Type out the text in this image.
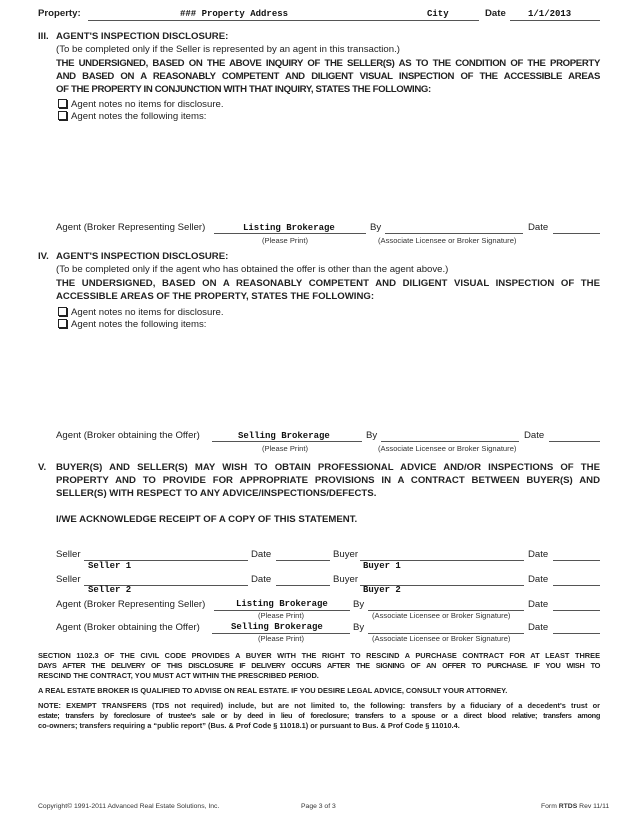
Property:	### Property Address	City	Date 1/1/2013
III. AGENT'S INSPECTION DISCLOSURE:
(To be completed only if the Seller is represented by an agent in this transaction.)
THE UNDERSIGNED, BASED ON THE ABOVE INQUIRY OF THE SELLER(S) AS TO THE CONDITION OF THE PROPERTY
AND BASED ON A REASONABLY COMPETENT AND DILIGENT VISUAL INSPECTION OF THE ACCESSIBLE AREAS
OF THE PROPERTY IN CONJUNCTION WITH THAT INQUIRY, STATES THE FOLLOWING:
Agent notes no items for disclosure.
Agent notes the following items:
Agent (Broker Representing Seller)	Listing Brokerage	By	Date
(Please Print)	(Associate Licensee or Broker Signature)
IV. AGENT'S INSPECTION DISCLOSURE:
(To be completed only if the agent who has obtained the offer is other than the agent above.)
THE UNDERSIGNED, BASED ON A REASONABLY COMPETENT AND DILIGENT VISUAL INSPECTION OF THE
ACCESSIBLE AREAS OF THE PROPERTY, STATES THE FOLLOWING:
Agent notes no items for disclosure.
Agent notes the following items:
Agent (Broker obtaining the Offer)	Selling Brokerage	By	Date
(Please Print)	(Associate Licensee or Broker Signature)
V. BUYER(S) AND SELLER(S) MAY WISH TO OBTAIN PROFESSIONAL ADVICE AND/OR INSPECTIONS OF THE
PROPERTY AND TO PROVIDE FOR APPROPRIATE PROVISIONS IN A CONTRACT BETWEEN BUYER(S) AND
SELLER(S) WITH RESPECT TO ANY ADVICE/INSPECTIONS/DEFECTS.
I/WE ACKNOWLEDGE RECEIPT OF A COPY OF THIS STATEMENT.
Seller	Date	Buyer	Date
Seller 1	Buyer 1
Seller	Date	Buyer	Date
Seller 2	Buyer 2
Agent (Broker Representing Seller)	Listing Brokerage	By	Date
(Please Print)	(Associate Licensee or Broker Signature)
Agent (Broker obtaining the Offer)	Selling Brokerage	By	Date
(Please Print)	(Associate Licensee or Broker Signature)
SECTION 1102.3 OF THE CIVIL CODE PROVIDES A BUYER WITH THE RIGHT TO RESCIND A PURCHASE CONTRACT FOR AT LEAST THREE
DAYS AFTER THE DELIVERY OF THIS DISCLOSURE IF DELIVERY OCCURS AFTER THE SIGNING OF AN OFFER TO PURCHASE. IF YOU WISH TO
RESCIND THE CONTRACT, YOU MUST ACT WITHIN THE PRESCRIBED PERIOD.
A REAL ESTATE BROKER IS QUALIFIED TO ADVISE ON REAL ESTATE. IF YOU DESIRE LEGAL ADVICE, CONSULT YOUR ATTORNEY.
NOTE: EXEMPT TRANSFERS (TDS not required) include, but are not limited to, the following: transfers by a fiduciary of a decedent's trust or
estate; transfers by foreclosure of trustee's sale or by deed in lieu of foreclosure; transfers to a spouse or a direct blood relative; transfers among
co-owners; transfers requiring a “public report” (Bus. & Prof Code § 11018.1) or pursuant to Bus. & Prof Code § 11010.4.
Copyright© 1991-2011 Advanced Real Estate Solutions, Inc.	Page 3 of 3	Form RTDS Rev 11/11
